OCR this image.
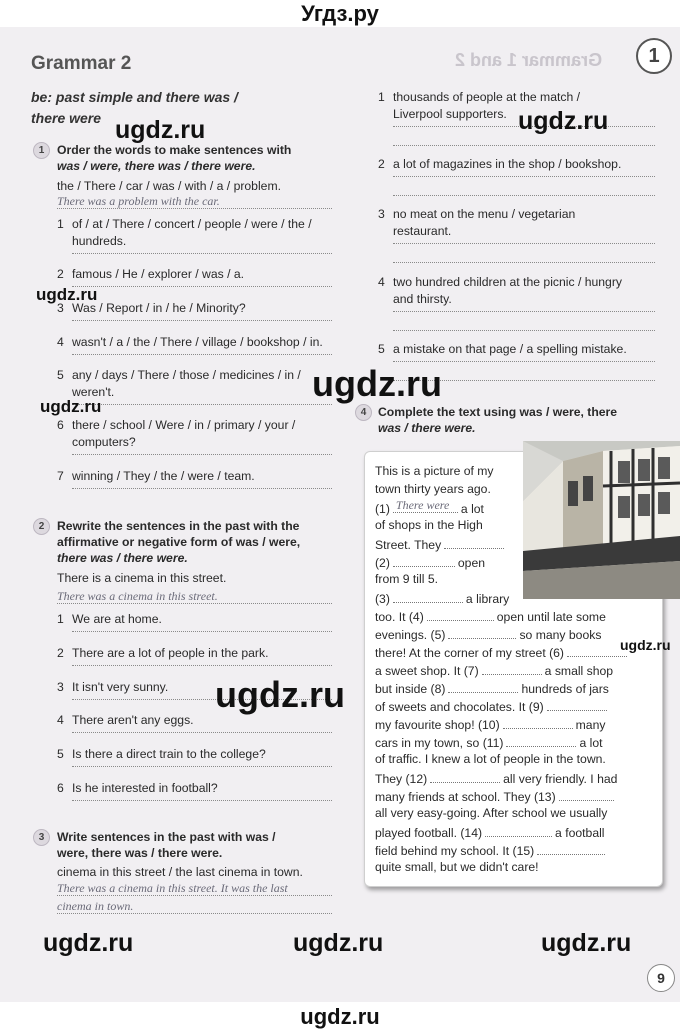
Угдз.ру
ugdz.ru
Grammar 1 and 2	1
Grammar 2
be: past simple and there was /
there were
1	Order the words to make sentences with
was / were, there was / there were.
the / There / car / was / with / a / problem.
There was a problem with the car.
1 of / at / There / concert / people / were / the /
hundreds.
2 famous / He / explorer / was / a.
3 Was / Report / in / he / Minority?
4 wasn't / a / the / There / village / bookshop / in.
5 any / days / There / those / medicines / in /
weren't.
6 there / school / Were / in / primary / your /
computers?
7 winning / They / the / were / team.
2	Rewrite the sentences in the past with the
affirmative or negative form of was / were,
there was / there were.
There is a cinema in this street.
There was a cinema in this street.
1 We are at home.
2 There are a lot of people in the park.
3 It isn't very sunny.
4 There aren't any eggs.
5 Is there a direct train to the college?
6 Is he interested in football?
3	Write sentences in the past with was /
were, there was / there were.
cinema in this street / the last cinema in town.
There was a cinema in this street. It was the last
cinema in town.
1 thousands of people at the match /
Liverpool supporters.
2 a lot of magazines in the shop / bookshop.
3 no meat on the menu / vegetarian
restaurant.
4 two hundred children at the picnic / hungry
and thirsty.
5 a mistake on that page / a spelling mistake.
4 Complete the text using was / were, there
was / there were.
This is a picture of my
town thirty years ago.
(1) There were a lot
of shops in the High
Street. They
(2)	open
from 9 till 5.
(3)	a library
too. It (4)	open until late some
evenings. (5)	so many books
there! At the corner of my street (6)
a sweet shop. It (7)	a small shop
but inside (8)	hundreds of jars
of sweets and chocolates. It (9)
my favourite shop! (10)	many
cars in my town, so (11)	a lot
of traffic. I knew a lot of people in the town.
They (12)	all very friendly. I had
many friends at school. They (13)
all very easy-going. After school we usually
played football. (14)	a football
field behind my school. It (15)
quite small, but we didn't care!
9
ugdz.ru	ugdz.ru
ugdz.ru
ugdz.ru
ugdz.ru
ugdz.ru
ugdz.ru
ugdz.ru	ugdz.ru	ugdz.ru
